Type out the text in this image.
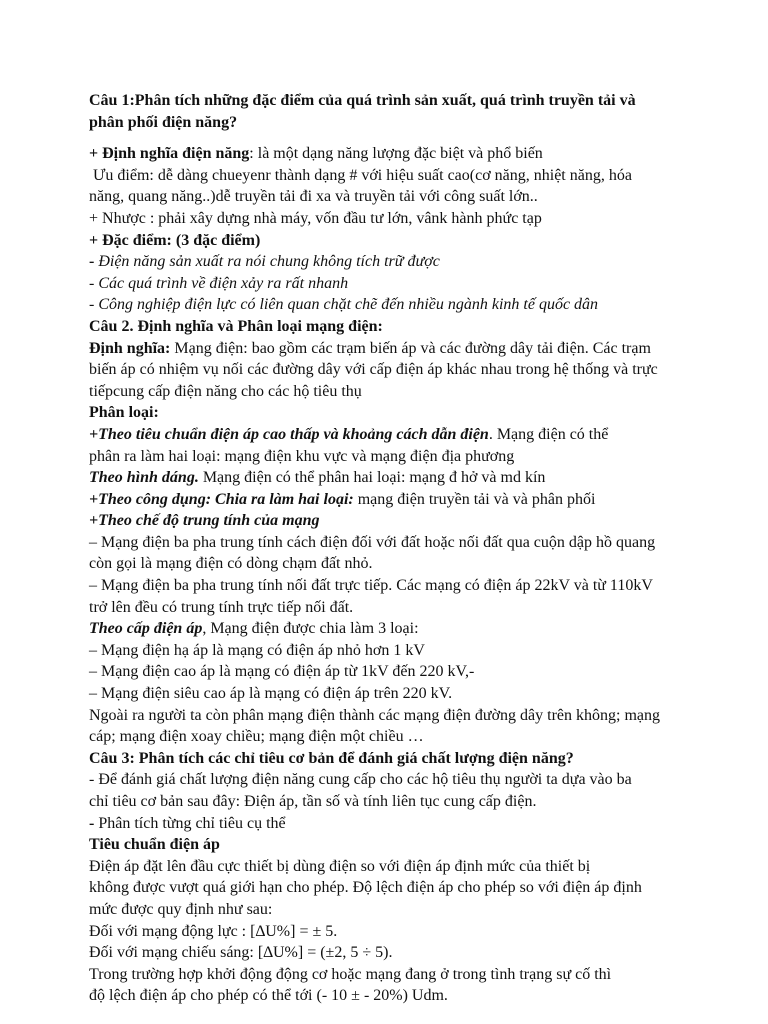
Câu 1:Phân tích những đặc điểm của quá trình sản xuất, quá trình truyền tải và
phân phối điện năng?
+ Định nghĩa điện năng: là một dạng năng lượng đặc biệt và phổ biến
Ưu điểm: dễ dàng chueyenr thành dạng # với hiệu suất cao(cơ năng, nhiệt năng, hóa
năng, quang năng..)dễ truyền tải đi xa và truyền tải với công suất lớn..
+ Nhược : phải xây dựng nhà máy, vốn đầu tư lớn, vânk hành phức tạp
+ Đặc điểm: (3 đặc điểm)
- Điện năng sản xuất ra nói chung không tích trữ được
- Các quá trình về điện xảy ra rất nhanh
- Công nghiệp điện lực có liên quan chặt chẽ đến nhiều ngành kinh tế quốc dân
Câu 2. Định nghĩa và Phân loại mạng điện:
Định nghĩa: Mạng điện: bao gồm các trạm biến áp và các đường dây tải điện. Các trạm
biến áp có nhiệm vụ nối các đường dây với cấp điện áp khác nhau trong hệ thống và trực
tiếpcung cấp điện năng cho các hộ tiêu thụ
Phân loại:
+Theo tiêu chuẩn điện áp cao thấp và khoảng cách dẫn điện. Mạng điện có thể
phân ra làm hai loại: mạng điện khu vực và mạng điện địa phương
Theo hình dáng. Mạng điện có thể phân hai loại: mạng đ hở và md kín
+Theo công dụng: Chia ra làm hai loại: mạng điện truyền tải và và phân phối
+Theo chế độ trung tính của mạng
– Mạng điện ba pha trung tính cách điện đối với đất hoặc nối đất qua cuộn dập hồ quang
còn gọi là mạng điện có dòng chạm đất nhỏ.
– Mạng điện ba pha trung tính nối đất trực tiếp. Các mạng có điện áp 22kV và từ 110kV
trở lên đều có trung tính trực tiếp nối đất.
Theo cấp điện áp, Mạng điện được chia làm 3 loại:
– Mạng điện hạ áp là mạng có điện áp nhỏ hơn 1 kV
– Mạng điện cao áp là mạng có điện áp từ 1kV đến 220 kV,-
– Mạng điện siêu cao áp là mạng có điện áp trên 220 kV.
Ngoài ra người ta còn phân mạng điện thành các mạng điện đường dây trên không; mạng
cáp; mạng điện xoay chiều; mạng điện một chiều …
Câu 3: Phân tích các chỉ tiêu cơ bản để đánh giá chất lượng điện năng?
- Để đánh giá chất lượng điện năng cung cấp cho các hộ tiêu thụ người ta dựa vào ba
chỉ tiêu cơ bản sau đây: Điện áp, tần số và tính liên tục cung cấp điện.
- Phân tích từng chỉ tiêu cụ thể
Tiêu chuẩn điện áp
Điện áp đặt lên đầu cực thiết bị dùng điện so với điện áp định mức của thiết bị
không được vượt quá giới hạn cho phép. Độ lệch điện áp cho phép so với điện áp định
mức được quy định như sau:
Đối với mạng động lực : [∆U%] = ± 5.
Đối với mạng chiếu sáng: [∆U%] = (±2, 5 ÷ 5).
Trong trường hợp khởi động động cơ hoặc mạng đang ở trong tình trạng sự cố thì
độ lệch điện áp cho phép có thể tới (- 10 ± - 20%) Udm.
